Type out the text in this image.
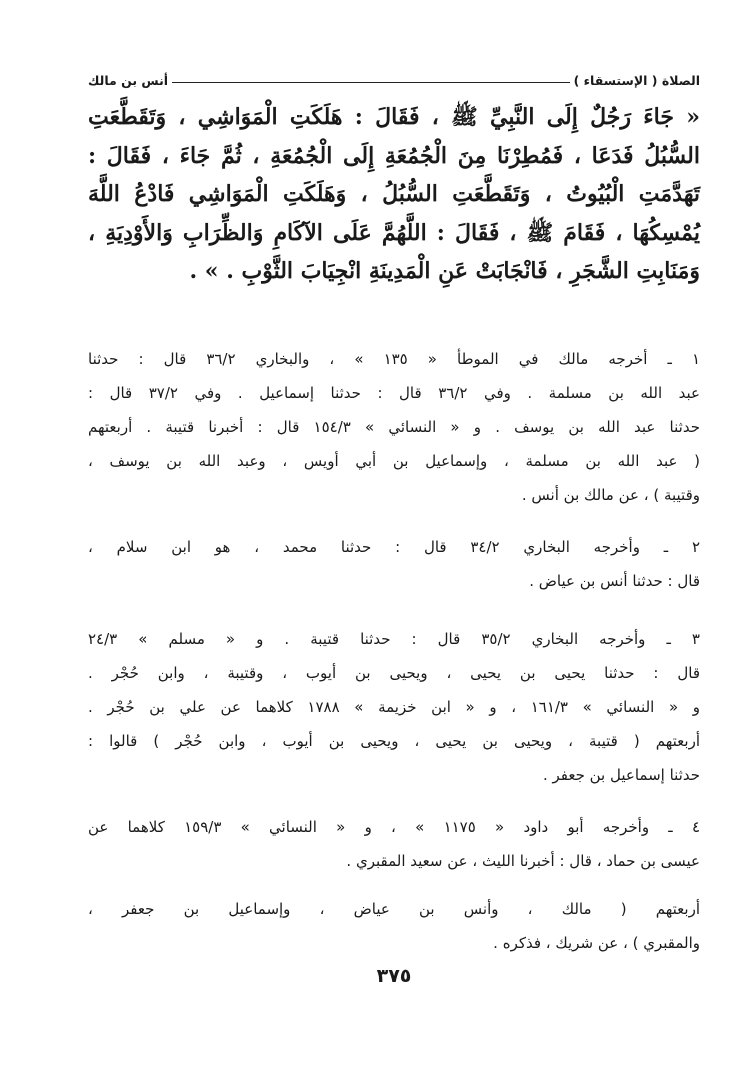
الصلاة ( الإستسقاء )
أنس بن مالك
« جَاءَ رَجُلٌ إِلَى النَّبِيِّ ﷺ ، فَقَالَ : هَلَكَتِ الْمَوَاشِي ، وَتَقَطَّعَتِ
السُّبُلُ فَدَعَا ، فَمُطِرْنَا مِنَ الْجُمُعَةِ إِلَى الْجُمُعَةِ ، ثُمَّ جَاءَ ، فَقَالَ :
تَهَدَّمَتِ الْبُيُوتُ ، وَتَقَطَّعَتِ السُّبُلُ ، وَهَلَكَتِ الْمَوَاشِي فَادْعُ اللَّهَ
يُمْسِكُهَا ، فَقَامَ ﷺ ، فَقَالَ : اللَّهُمَّ عَلَى الآكَامِ وَالظِّرَابِ وَالأَوْدِيَةِ ،
وَمَنَابِتِ الشَّجَرِ ، فَانْجَابَتْ عَنِ الْمَدِينَةِ انْجِيَابَ الثَّوْبِ . » .
١ ـ أخرجه مالك في الموطأ « ١٣٥ » ، والبخاري ٣٦/٢ قال : حدثنا
عبد الله بن مسلمة . وفي ٣٦/٢ قال : حدثنا إسماعيل . وفي ٣٧/٢ قال :
حدثنا عبد الله بن يوسف . و « النسائي » ١٥٤/٣ قال : أخبرنا قتيبة . أربعتهم
( عبد الله بن مسلمة ، وإسماعيل بن أبي أويس ، وعبد الله بن يوسف ،
وقتيبة ) ، عن مالك بن أنس .
٢ ـ وأخرجه البخاري ٣٤/٢ قال : حدثنا محمد ، هو ابن سلام ،
قال : حدثنا أنس بن عياض .
٣ ـ وأخرجه البخاري ٣٥/٢ قال : حدثنا قتيبة . و « مسلم » ٢٤/٣
قال : حدثنا يحيى بن يحيى ، ويحيى بن أيوب ، وقتيبة ، وابن حُجْر .
و « النسائي » ١٦١/٣ ، و « ابن خزيمة » ١٧٨٨ كلاهما عن علي بن حُجْر .
أربعتهم ( قتيبة ، ويحيى بن يحيى ، ويحيى بن أيوب ، وابن حُجْر ) قالوا :
حدثنا إسماعيل بن جعفر .
٤ ـ وأخرجه أبو داود « ١١٧٥ » ، و « النسائي » ١٥٩/٣ كلاهما عن
عيسى بن حماد ، قال : أخبرنا الليث ، عن سعيد المقبري .
أربعتهم ( مالك ، وأنس بن عياض ، وإسماعيل بن جعفر ،
والمقبري ) ، عن شريك ، فذكره .
٣٧٥
